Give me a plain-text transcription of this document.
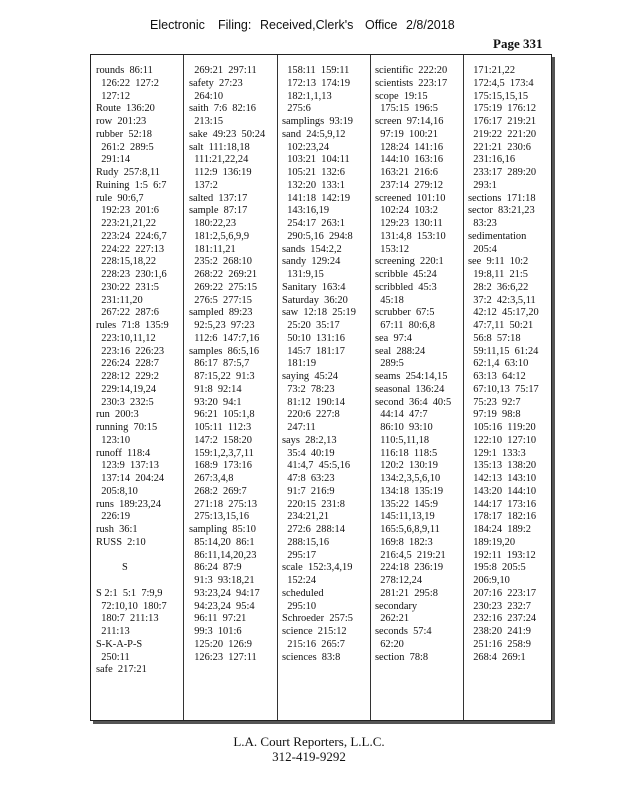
Electronic Filing: Received,Clerk's Office 2/8/2018
Page 331
rounds  86:11
126:22  127:2
127:12
Route  136:20
row  201:23
rubber  52:18
261:2  289:5
291:14
Rudy  257:8,11
Ruining  1:5  6:7
rule  90:6,7
192:23  201:6
223:21,21,22
223:24  224:6,7
224:22  227:13
228:15,18,22
228:23  230:1,6
230:22  231:5
231:11,20
267:22  287:6
rules  71:8  135:9
223:10,11,12
223:16  226:23
226:24  228:7
228:12  229:2
229:14,19,24
230:3  232:5
run  200:3
running  70:15
123:10
runoff  118:4
123:9  137:13
137:14  204:24
205:8,10
runs  189:23,24
226:19
rush  36:1
RUSS  2:10
S
S 2:1  5:1  7:9,9
72:10,10  180:7
180:7  211:13
211:13
S-K-A-P-S
250:11
safe  217:21
269:21  297:11
safety  27:23
264:10
saith  7:6  82:16
213:15
sake  49:23  50:24
salt  111:18,18
111:21,22,24
112:9  136:19
137:2
salted  137:17
sample  87:17
180:22,23
181:2,5,6,9,9
181:11,21
235:2  268:10
268:22  269:21
269:22  275:15
276:5  277:15
sampled  89:23
92:5,23  97:23
112:6  147:7,16
samples  86:5,16
86:17  87:5,7
87:15,22  91:3
91:8  92:14
93:20  94:1
96:21  105:1,8
105:11  112:3
147:2  158:20
159:1,2,3,7,11
168:9  173:16
267:3,4,8
268:2  269:7
271:18  275:13
275:13,15,16
sampling  85:10
85:14,20  86:1
86:11,14,20,23
86:24  87:9
91:3  93:18,21
93:23,24  94:17
94:23,24  95:4
96:11  97:21
99:3  101:6
125:20  126:9
126:23  127:11
158:11  159:11
172:13  174:19
182:1,1,13
275:6
samplings  93:19
sand  24:5,9,12
102:23,24
103:21  104:11
105:21  132:6
132:20  133:1
141:18  142:19
143:16,19
254:17  263:1
290:5,16  294:8
sands  154:2,2
sandy  129:24
131:9,15
Sanitary  163:4
Saturday  36:20
saw  12:18  25:19
25:20  35:17
50:10  131:16
145:7  181:17
181:19
saying  45:24
73:2  78:23
81:12  190:14
220:6  227:8
247:11
says  28:2,13
35:4  40:19
41:4,7  45:5,16
47:8  63:23
91:7  216:9
220:15  231:8
234:21,21
272:6  288:14
288:15,16
295:17
scale  152:3,4,19
152:24
scheduled
295:10
Schroeder  257:5
science  215:12
215:16  265:7
sciences  83:8
scientific  222:20
scientists  223:17
scope  19:15
175:15  196:5
screen  97:14,16
97:19  100:21
128:24  141:16
144:10  163:16
163:21  216:6
237:14  279:12
screened  101:10
102:24  103:2
129:23  130:11
131:4,8  153:10
153:12
screening  220:1
scribble  45:24
scribbled  45:3
45:18
scrubber  67:5
67:11  80:6,8
sea  97:4
seal  288:24
289:5
seams  254:14,15
seasonal  136:24
second  36:4  40:5
44:14  47:7
86:10  93:10
110:5,11,18
116:18  118:5
120:2  130:19
134:2,3,5,6,10
134:18  135:19
135:22  145:9
145:11,13,19
165:5,6,8,9,11
169:8  182:3
216:4,5  219:21
224:18  236:19
278:12,24
281:21  295:8
secondary
262:21
seconds  57:4
62:20
section  78:8
171:21,22
172:4,5  173:4
175:15,15,15
175:19  176:12
176:17  219:21
219:22  221:20
221:21  230:6
231:16,16
233:17  289:20
293:1
sections  171:18
sector  83:21,23
83:23
sedimentation
205:4
see  9:11  10:2
19:8,11  21:5
28:2  36:6,22
37:2  42:3,5,11
42:12  45:17,20
47:7,11  50:21
56:8  57:18
59:11,15  61:24
62:1,4  63:10
63:13  64:12
67:10,13  75:17
75:23  92:7
97:19  98:8
105:16  119:20
122:10  127:10
129:1  133:3
135:13  138:20
142:13  143:10
143:20  144:10
144:17  173:16
178:17  182:16
184:24  189:2
189:19,20
192:11  193:12
195:8  205:5
206:9,10
207:16  223:17
230:23  232:7
232:16  237:24
238:20  241:9
251:16  258:9
268:4  269:1
L.A. Court Reporters, L.L.C.
312-419-9292
